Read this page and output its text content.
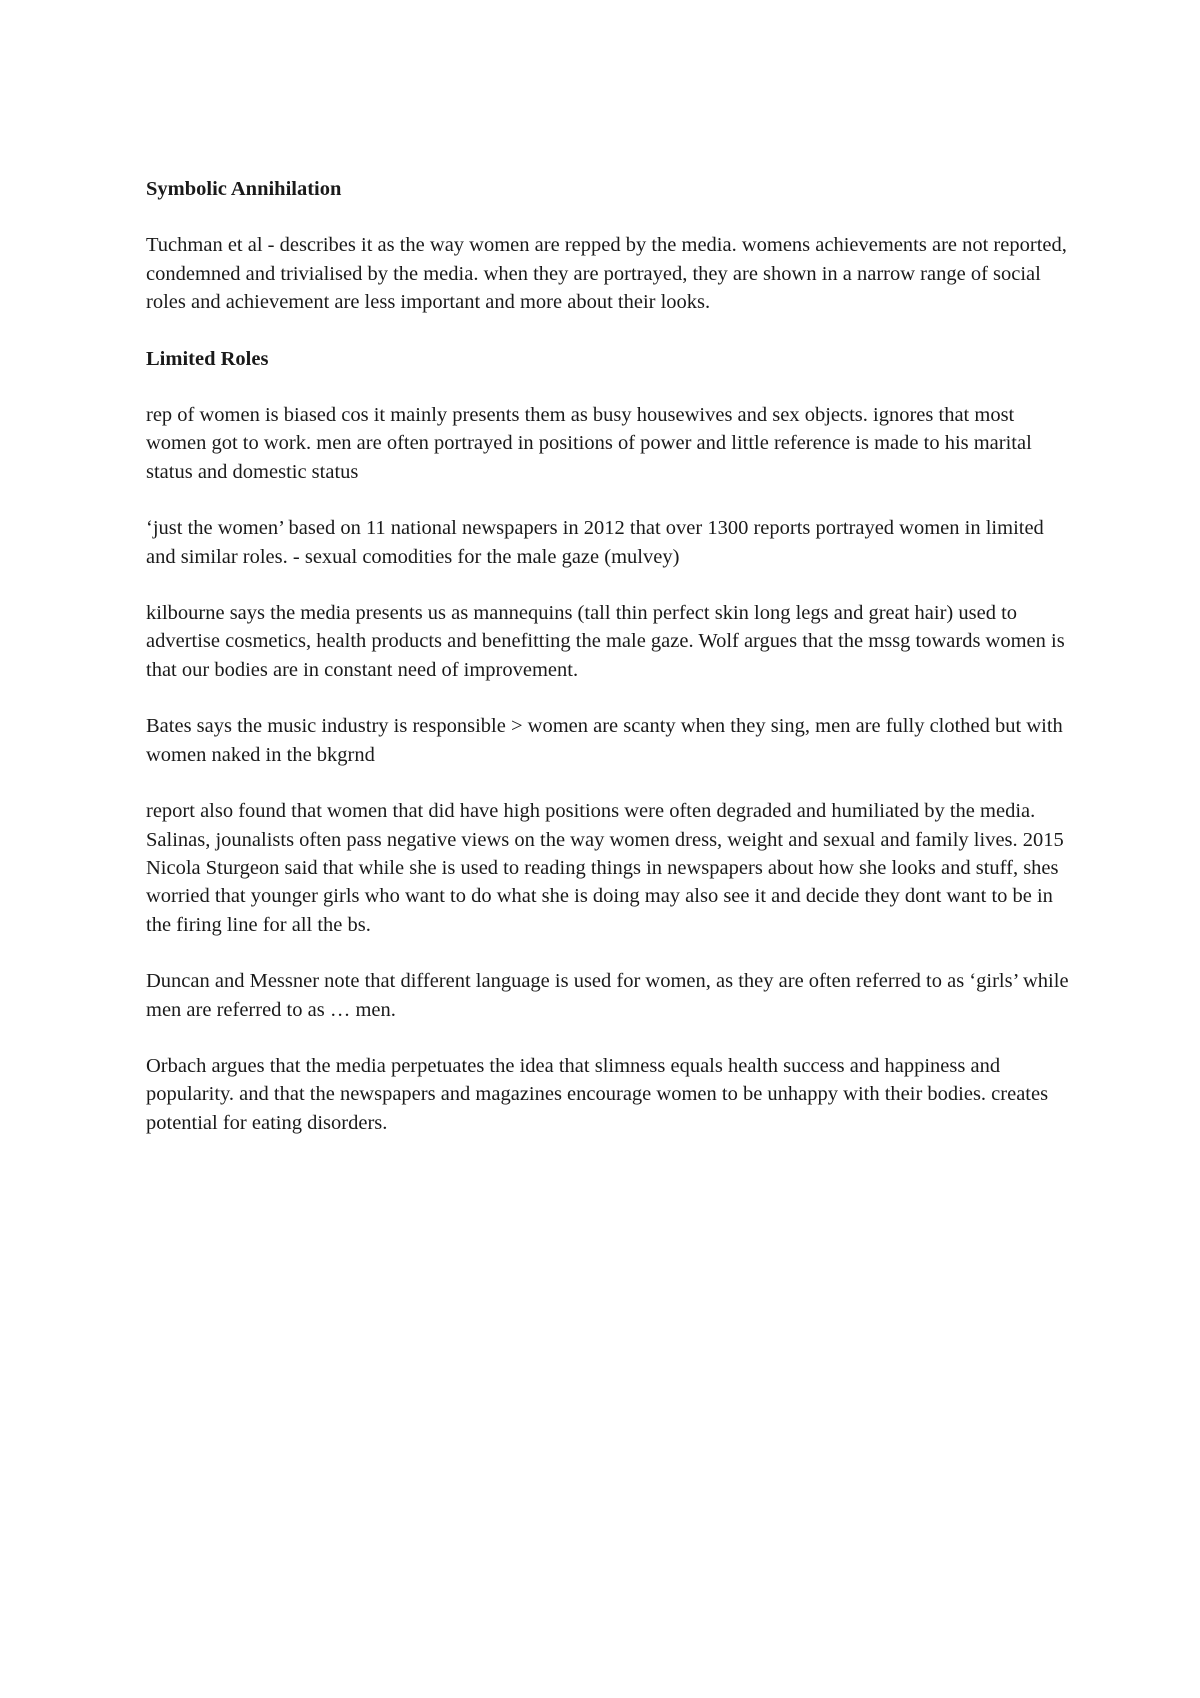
Symbolic Annihilation

Tuchman et al - describes it as the way women are repped by the media. womens achievements are not reported, condemned and trivialised by the media. when they are portrayed, they are shown in a narrow range of social roles and achievement are less important and more about their looks.

Limited Roles

rep of women is biased cos it mainly presents them as busy housewives and sex objects. ignores that most women got to work. men are often portrayed in positions of power and little reference is made to his marital status and domestic status

‘just the women’ based on 11 national newspapers in 2012 that over 1300 reports portrayed women in limited and similar roles. - sexual comodities for the male gaze (mulvey)

kilbourne says the media presents us as mannequins (tall thin perfect skin long legs and great hair) used to advertise cosmetics, health products and benefitting the male gaze. Wolf argues that the mssg towards women is that our bodies are in constant need of improvement.

Bates says the music industry is responsible > women are scanty when they sing, men are fully clothed but with women naked in the bkgrnd

report also found that women that did have high positions were often degraded and humiliated by the media. Salinas, jounalists often pass negative views on the way women dress, weight and sexual and family lives. 2015 Nicola Sturgeon said that while she is used to reading things in newspapers about how she looks and stuff, shes worried that younger girls who want to do what she is doing may also see it and decide they dont want to be in the firing line for all the bs.

Duncan and Messner note that different language is used for women, as they are often referred to as ‘girls’ while men are referred to as … men.

Orbach argues that the media perpetuates the idea that slimness equals health success and happiness and popularity. and that the newspapers and magazines encourage women to be unhappy with their bodies. creates potential for eating disorders.
